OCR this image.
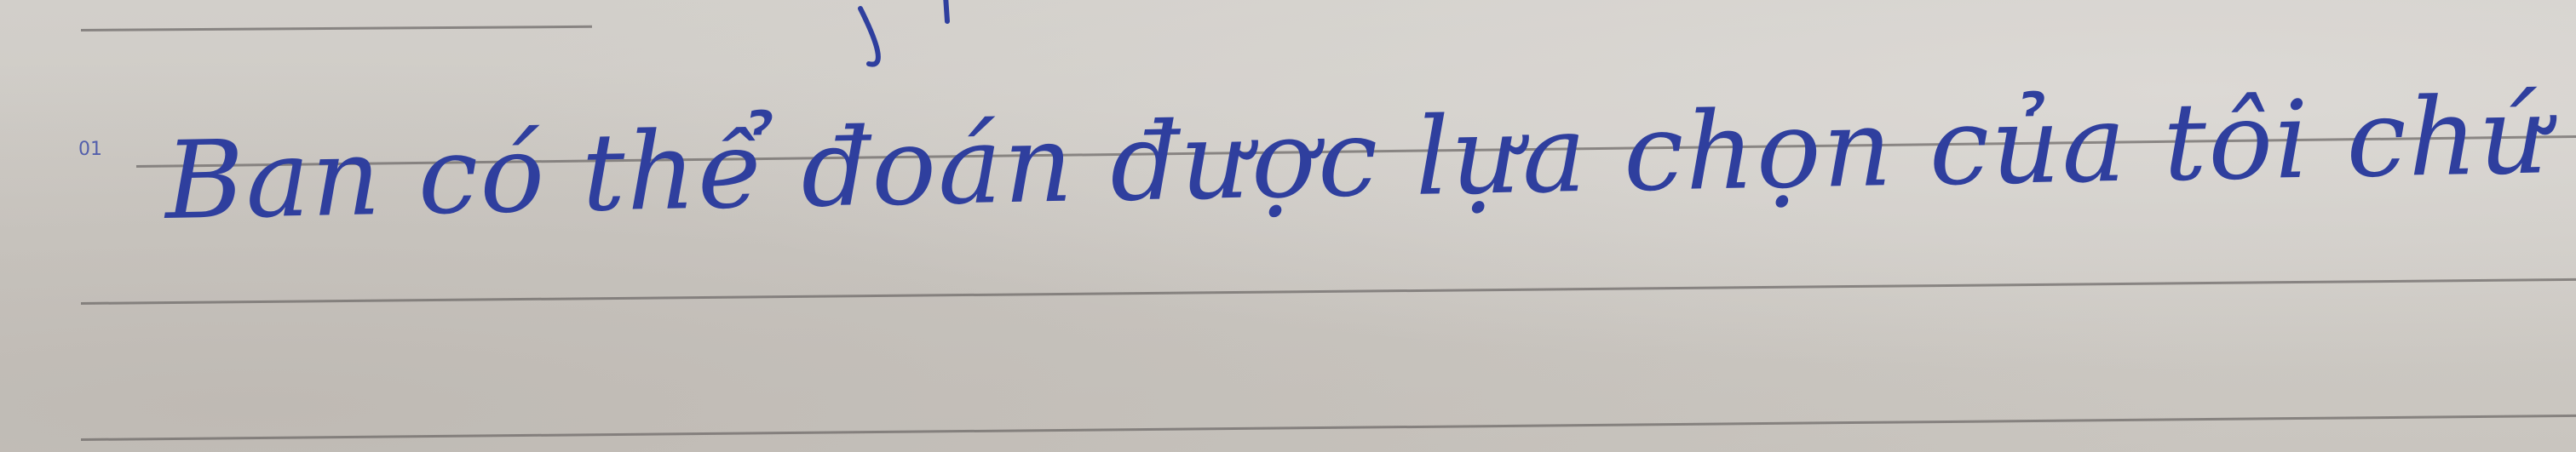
01 Ban có thể đoán được lựa chọn của tôi chứ
